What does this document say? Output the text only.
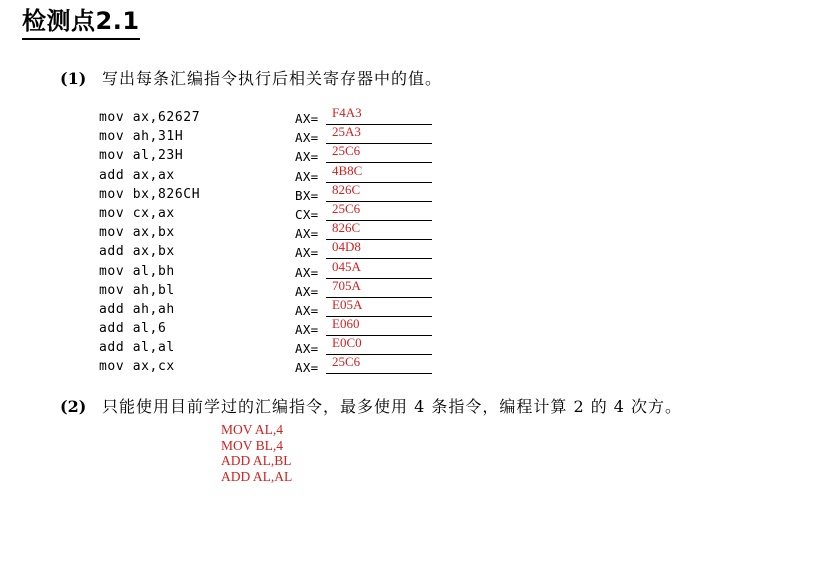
检测点2.1
(1) 写出每条汇编指令执行后相关寄存器中的值。
mov ax,62627	AX= F4A3
mov ah,31H	AX= 25A3
mov al,23H	AX= 25C6
add ax,ax	AX= 4B8C
mov bx,826CH	BX= 826C
mov cx,ax	CX= 25C6
mov ax,bx	AX= 826C
add ax,bx	AX= 04D8
mov al,bh	AX= 045A
mov ah,bl	AX= 705A
add ah,ah	AX= E05A
add al,6	AX= E060
add al,al	AX= E0C0
mov ax,cx	AX= 25C6
(2) 只能使用目前学过的汇编指令，最多使用 4 条指令，编程计算 2 的 4 次方。
MOV AL,4
MOV BL,4
ADD AL,BL
ADD AL,AL
